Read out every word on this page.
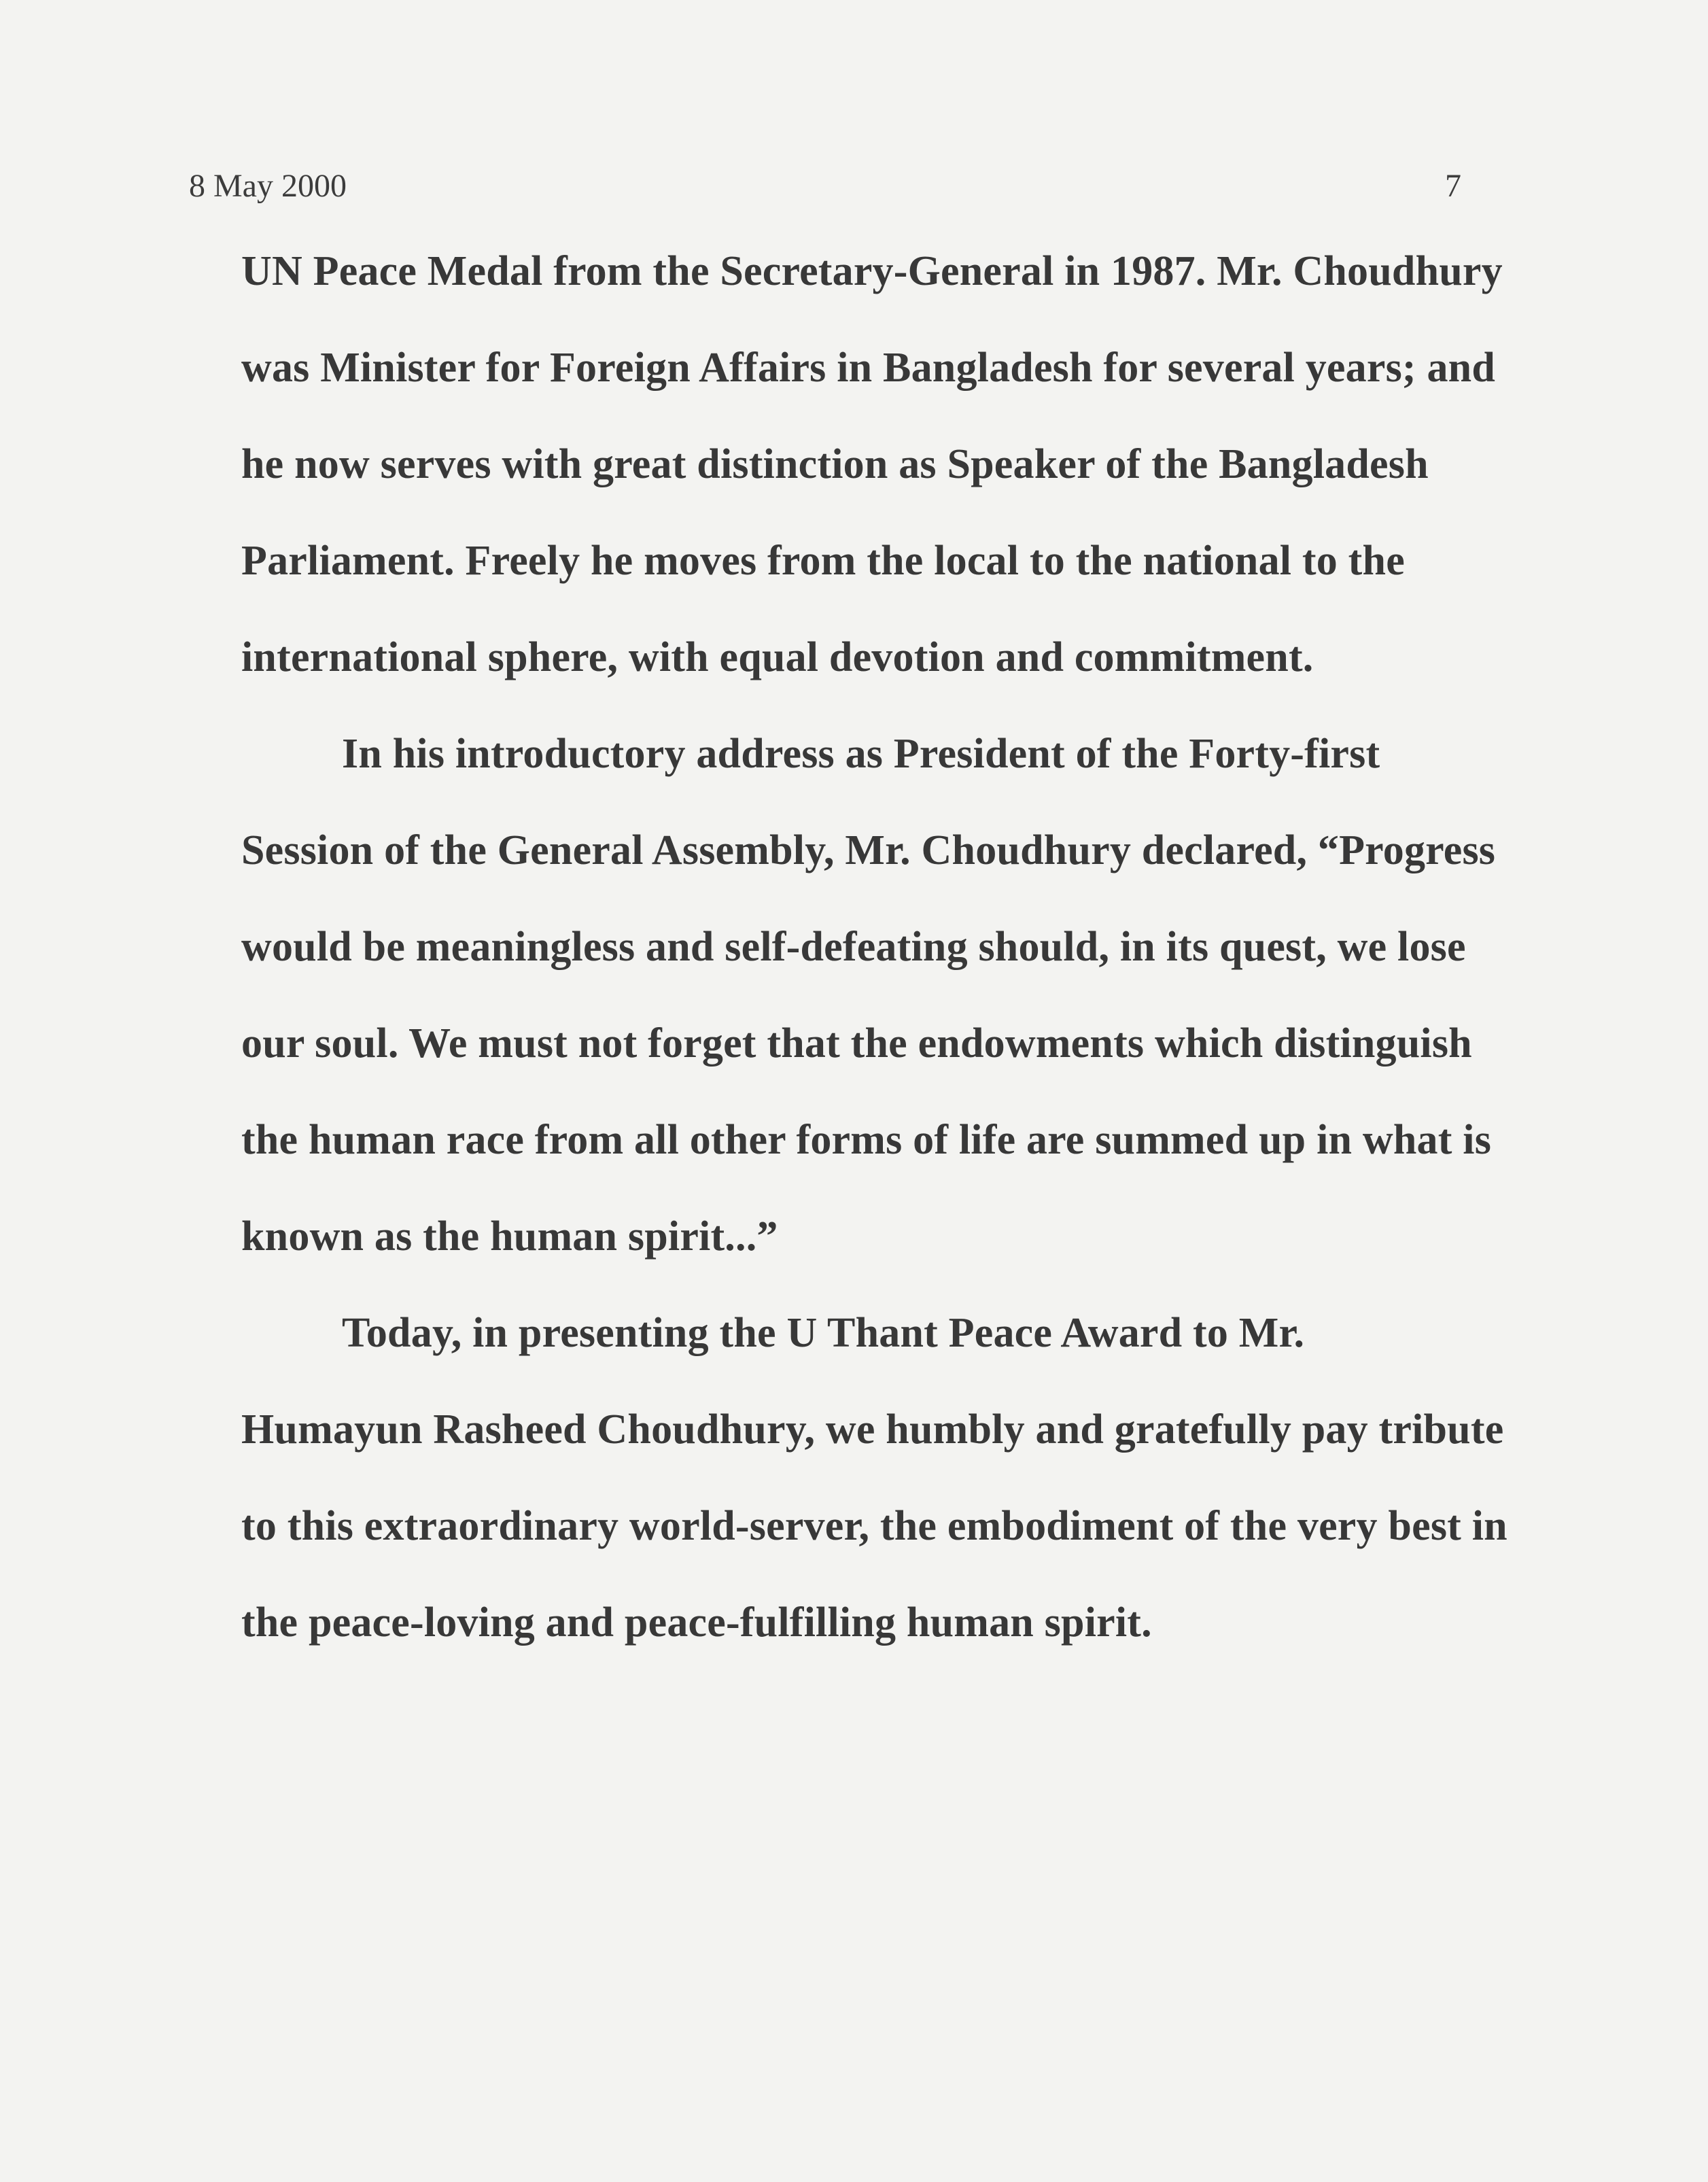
8 May 2000	7
UN Peace Medal from the Secretary-General in 1987. Mr. Choudhury
was Minister for Foreign Affairs in Bangladesh for several years; and
he now serves with great distinction as Speaker of the Bangladesh
Parliament. Freely he moves from the local to the national to the
international sphere, with equal devotion and commitment.
In his introductory address as President of the Forty-first
Session of the General Assembly, Mr. Choudhury declared, “Progress
would be meaningless and self-defeating should, in its quest, we lose
our soul. We must not forget that the endowments which distinguish
the human race from all other forms of life are summed up in what is
known as the human spirit...”
Today, in presenting the U Thant Peace Award to Mr.
Humayun Rasheed Choudhury, we humbly and gratefully pay tribute
to this extraordinary world-server, the embodiment of the very best in
the peace-loving and peace-fulfilling human spirit.
